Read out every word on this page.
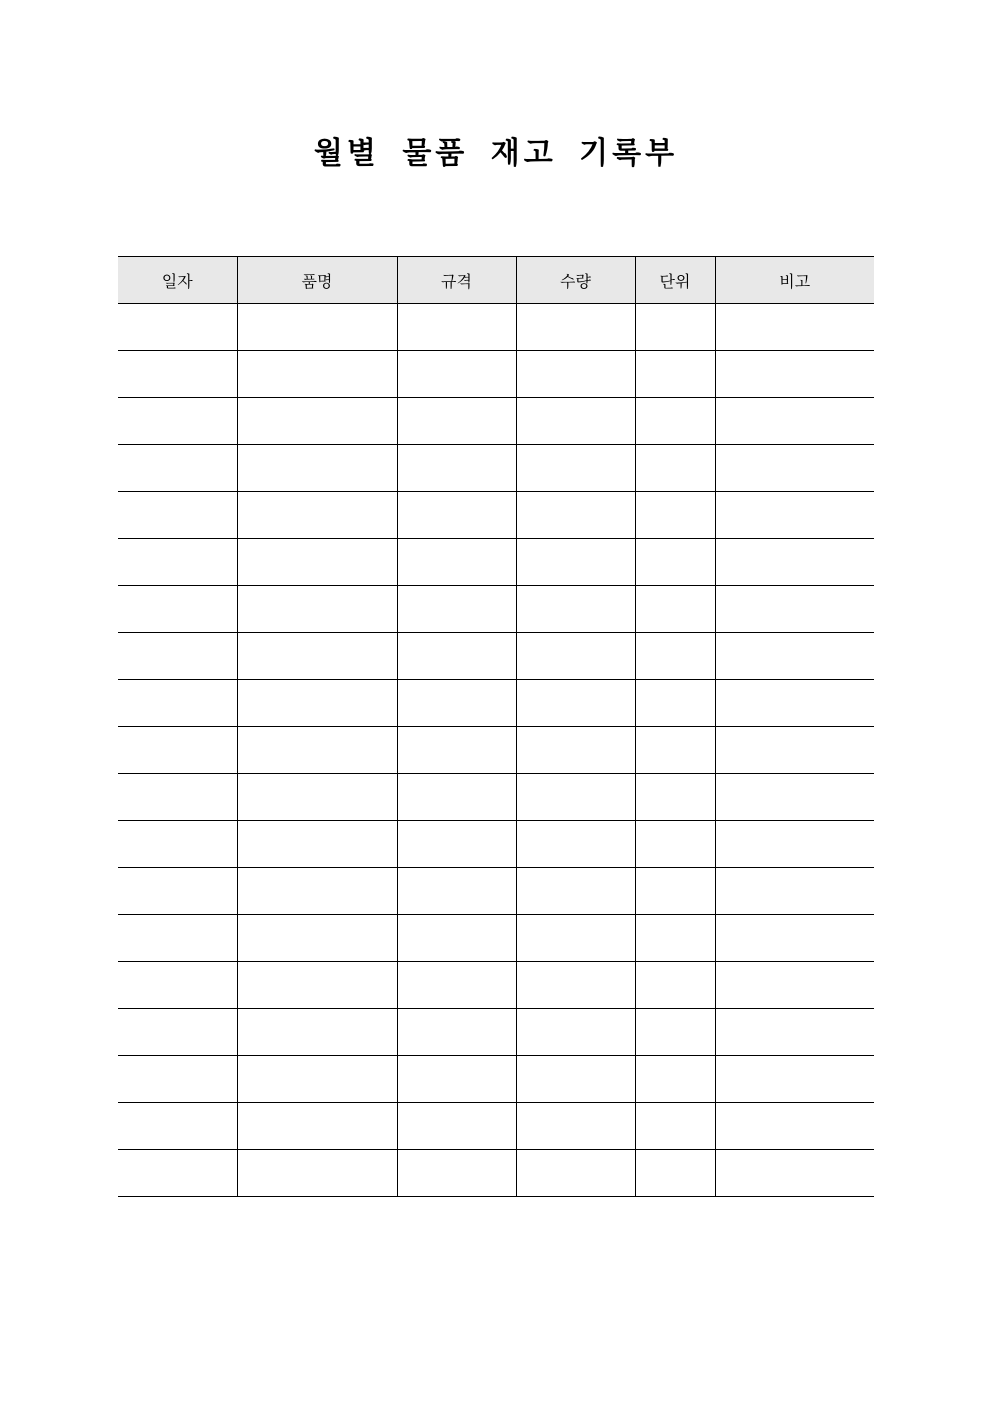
월별 물품 재고 기록부
일자	품명	규격	수량	단위	비고
